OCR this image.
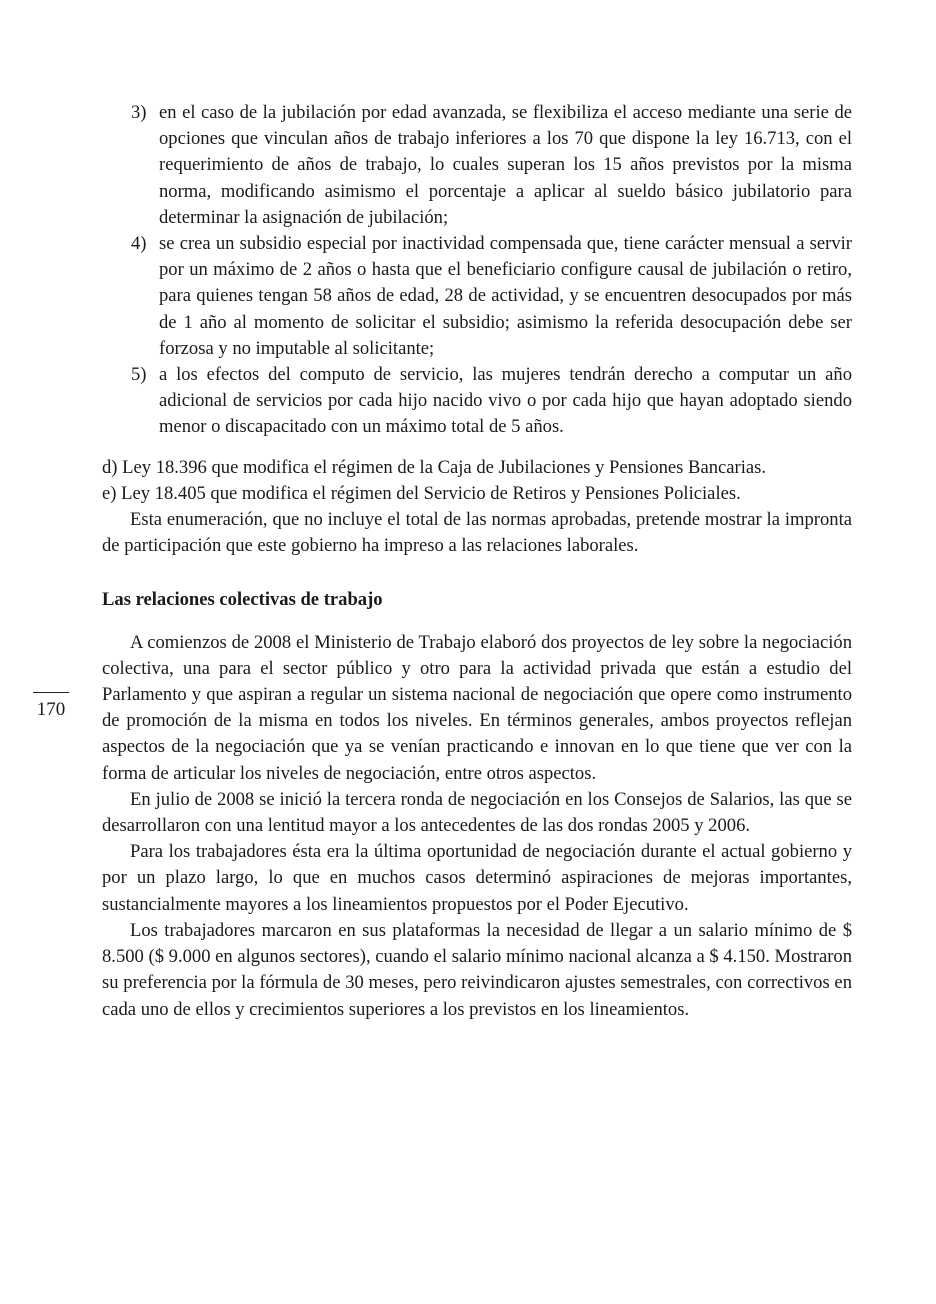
170
3) en el caso de la jubilación por edad avanzada, se flexibiliza el acceso mediante una serie de opciones que vinculan años de trabajo inferiores a los 70 que dispone la ley 16.713, con el requerimiento de años de trabajo, lo cuales superan los 15 años previstos por la misma norma, modificando asimismo el porcentaje a aplicar al sueldo básico jubilatorio para determinar la asignación de jubilación;
4) se crea un subsidio especial por inactividad compensada que, tiene carácter mensual a servir por un máximo de 2 años o hasta que el beneficiario configure causal de jubilación o retiro, para quienes tengan 58 años de edad, 28 de actividad, y se encuentren desocupados por más de 1 año al momento de solicitar el subsidio; asimismo la referida desocupación debe ser forzosa y no imputable al solicitante;
5) a los efectos del computo de servicio, las mujeres tendrán derecho a computar un año adicional de servicios por cada hijo nacido vivo o por cada hijo que hayan adoptado siendo menor o discapacitado con un máximo total de 5 años.

d) Ley 18.396 que modifica el régimen de la Caja de Jubilaciones y Pensiones Bancarias.

e) Ley 18.405 que modifica el régimen del Servicio de Retiros y Pensiones Policiales.

Esta enumeración, que no incluye el total de las normas aprobadas, pretende mostrar la impronta de participación que este gobierno ha impreso a las relaciones laborales.

Las relaciones colectivas de trabajo

A comienzos de 2008 el Ministerio de Trabajo elaboró dos proyectos de ley sobre la negociación colectiva, una para el sector público y otro para la actividad privada que están a estudio del Parlamento y que aspiran a regular un sistema nacional de negociación que opere como instrumento de promoción de la misma en todos los niveles. En términos generales, ambos proyectos reflejan aspectos de la negociación que ya se venían practicando e innovan en lo que tiene que ver con la forma de articular los niveles de negociación, entre otros aspectos.

En julio de 2008 se inició la tercera ronda de negociación en los Consejos de Salarios, las que se desarrollaron con una lentitud mayor a los antecedentes de las dos rondas 2005 y 2006.

Para los trabajadores ésta era la última oportunidad de negociación durante el actual gobierno y por un plazo largo, lo que en muchos casos determinó aspiraciones de mejoras importantes, sustancialmente mayores a los lineamientos propuestos por el Poder Ejecutivo.

Los trabajadores marcaron en sus plataformas la necesidad de llegar a un salario mínimo de $ 8.500 ($ 9.000 en algunos sectores), cuando el salario mínimo nacional alcanza a $ 4.150. Mostraron su preferencia por la fórmula de 30 meses, pero reivindicaron ajustes semestrales, con correctivos en cada uno de ellos y crecimientos superiores a los previstos en los lineamientos.
